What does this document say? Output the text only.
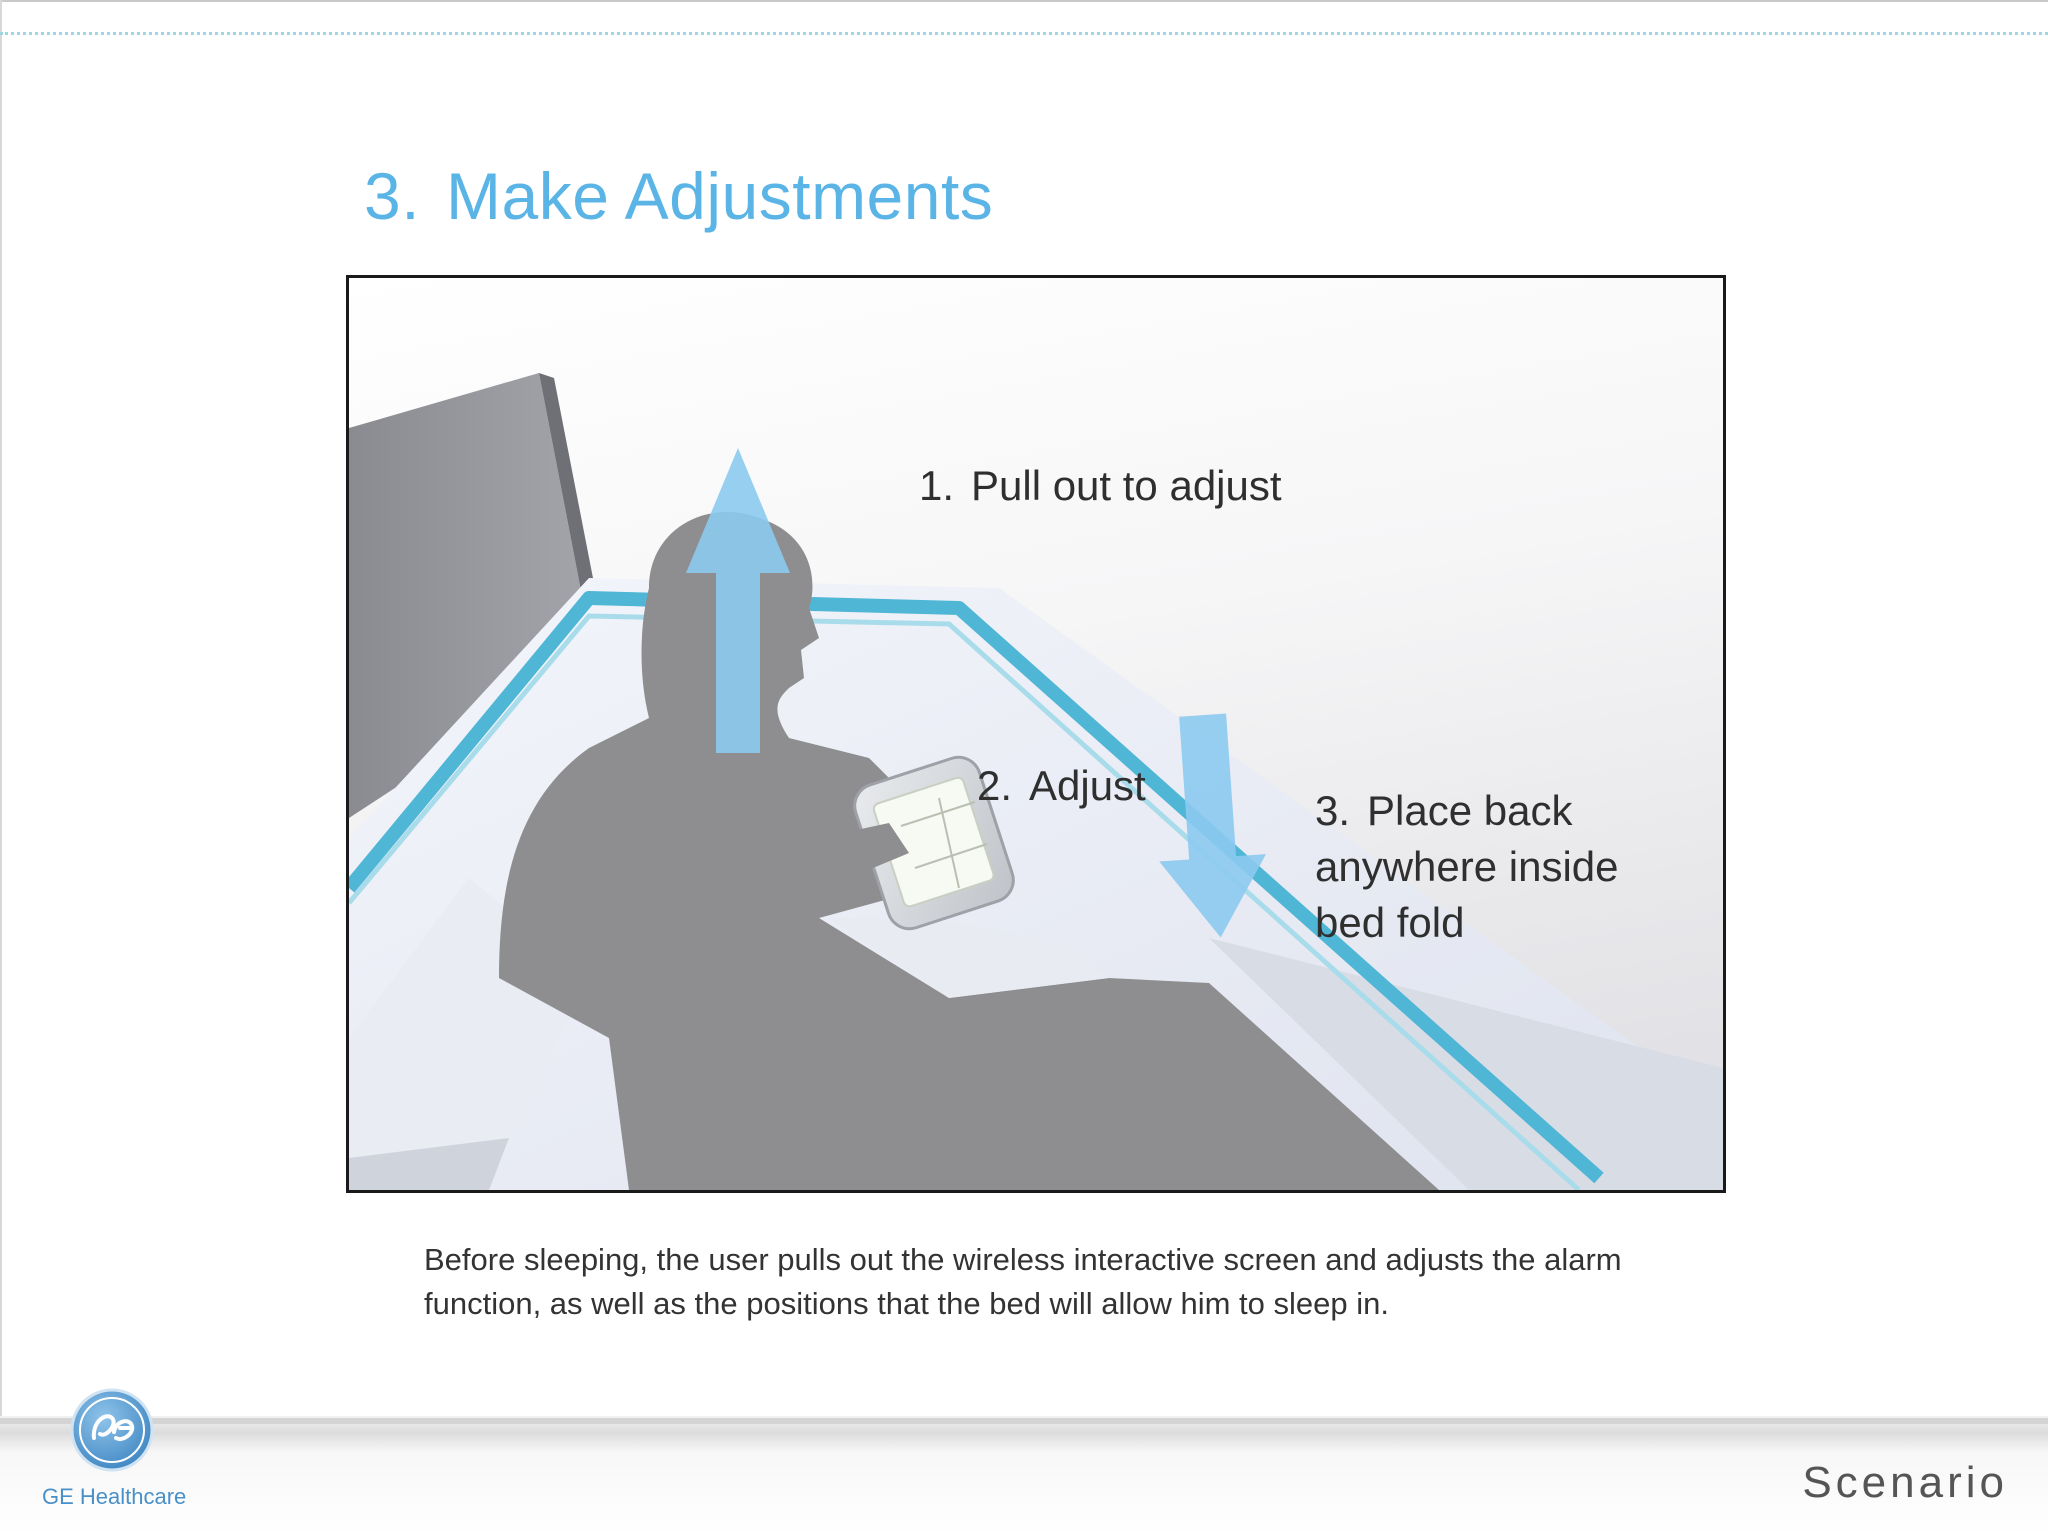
3. Make Adjustments
1. Pull out to adjust
2. Adjust
3. Place back
anywhere inside
bed fold
Before sleeping, the user pulls out the wireless interactive screen and adjusts the alarm function, as well as the positions that the bed will allow him to sleep in.
GE Healthcare	Scenario
